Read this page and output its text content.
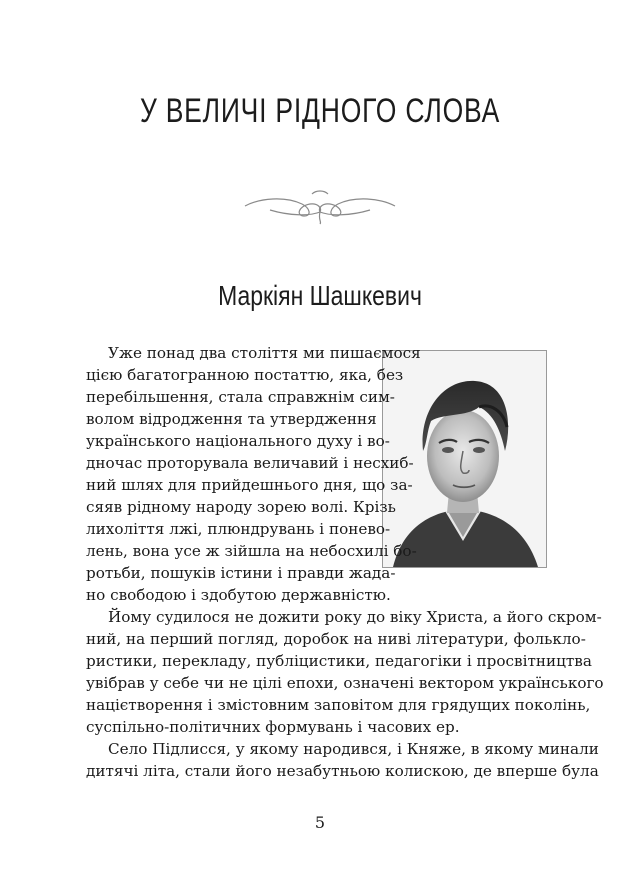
У ВЕЛИЧІ РІДНОГО СЛОВА
Маркіян Шашкевич
Уже понад два століття ми пишаємося
цією багатогранною постаттю, яка, без
перебільшення, стала справжнім сим-
волом відродження та утвердження
українського національного духу і во-
дночас проторувала величавий і несхиб-
ний шлях для прийдешнього дня, що за-
сяяв рідному народу зорею волі. Крізь
лихоліття лжі, плюндрувань і понево-
лень, вона усе ж зійшла на небосхилі бо-
ротьби, пошуків істини і правди жада-
но свободою і здобутою державністю.
Йому судилося не дожити року до віку Христа, а його скром-
ний, на перший погляд, доробок на ниві літератури, фолькло-
ристики, перекладу, публіцистики, педагогіки і просвітництва
увібрав у себе чи не цілі епохи, означені вектором українського
націєтворення і змістовним заповітом для грядущих поколінь,
суспільно-політичних формувань і часових ер.
Село Підлисся, у якому народився, і Княже, в якому минали
дитячі літа, стали його незабутньою колискою, де вперше була
5
